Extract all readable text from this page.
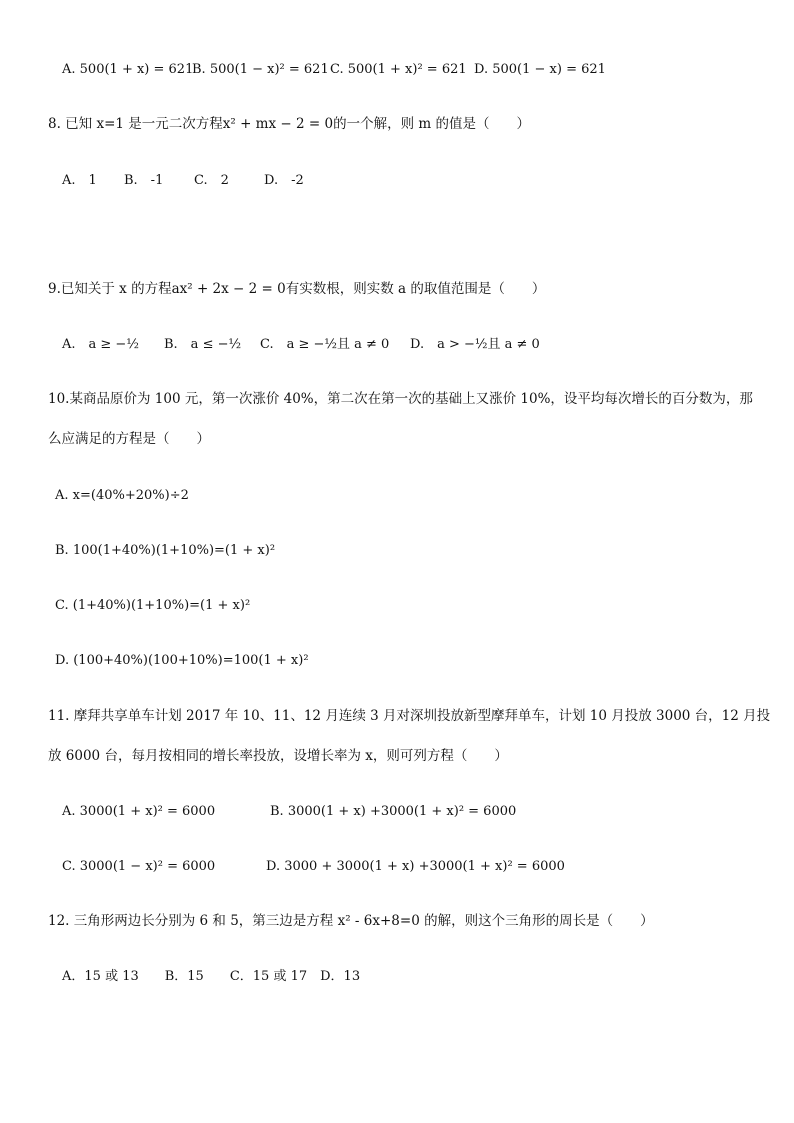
A. 500(1 + x) = 621
B. 500(1 − x)² = 621 C. 500(1 + x)² = 621 D. 500(1 − x) = 621
8. 已知 x=1 是一元二次方程x² + mx − 2 = 0的一个解，则 m 的值是（　　）
A.　1 B.　-1 C.　2	D.　-2
9.已知关于 x 的方程ax² + 2x − 2 = 0有实数根，则实数 a 的取值范围是（　　）
A.　a ≥ −½ B.　a ≤ −½ C.　a ≥ −½且 a ≠ 0 D.　a > −½且 a ≠ 0
10.某商品原价为 100 元，第一次涨价 40%，第二次在第一次的基础上又涨价 10%，设平均每次增长的百分数为，那
么应满足的方程是（　　）
A. x=(40%+20%)÷2
B. 100(1+40%)(1+10%)=(1 + x)²
C. (1+40%)(1+10%)=(1 + x)²
D. (100+40%)(100+10%)=100(1 + x)²
11. 摩拜共享单车计划 2017 年 10、11、12 月连续 3 月对深圳投放新型摩拜单车，计划 10 月投放 3000 台，12 月投
放 6000 台，每月按相同的增长率投放，设增长率为 x，则可列方程（　　）
A. 3000(1 + x)² = 6000	B. 3000(1 + x) +3000(1 + x)² = 6000
C. 3000(1 − x)² = 6000	D. 3000 + 3000(1 + x) +3000(1 + x)² = 6000
12. 三角形两边长分别为 6 和 5，第三边是方程 x² - 6x+8=0 的解，则这个三角形的周长是（　　）
A．15 或 13　　B．15　　C．15 或 17　D．13
